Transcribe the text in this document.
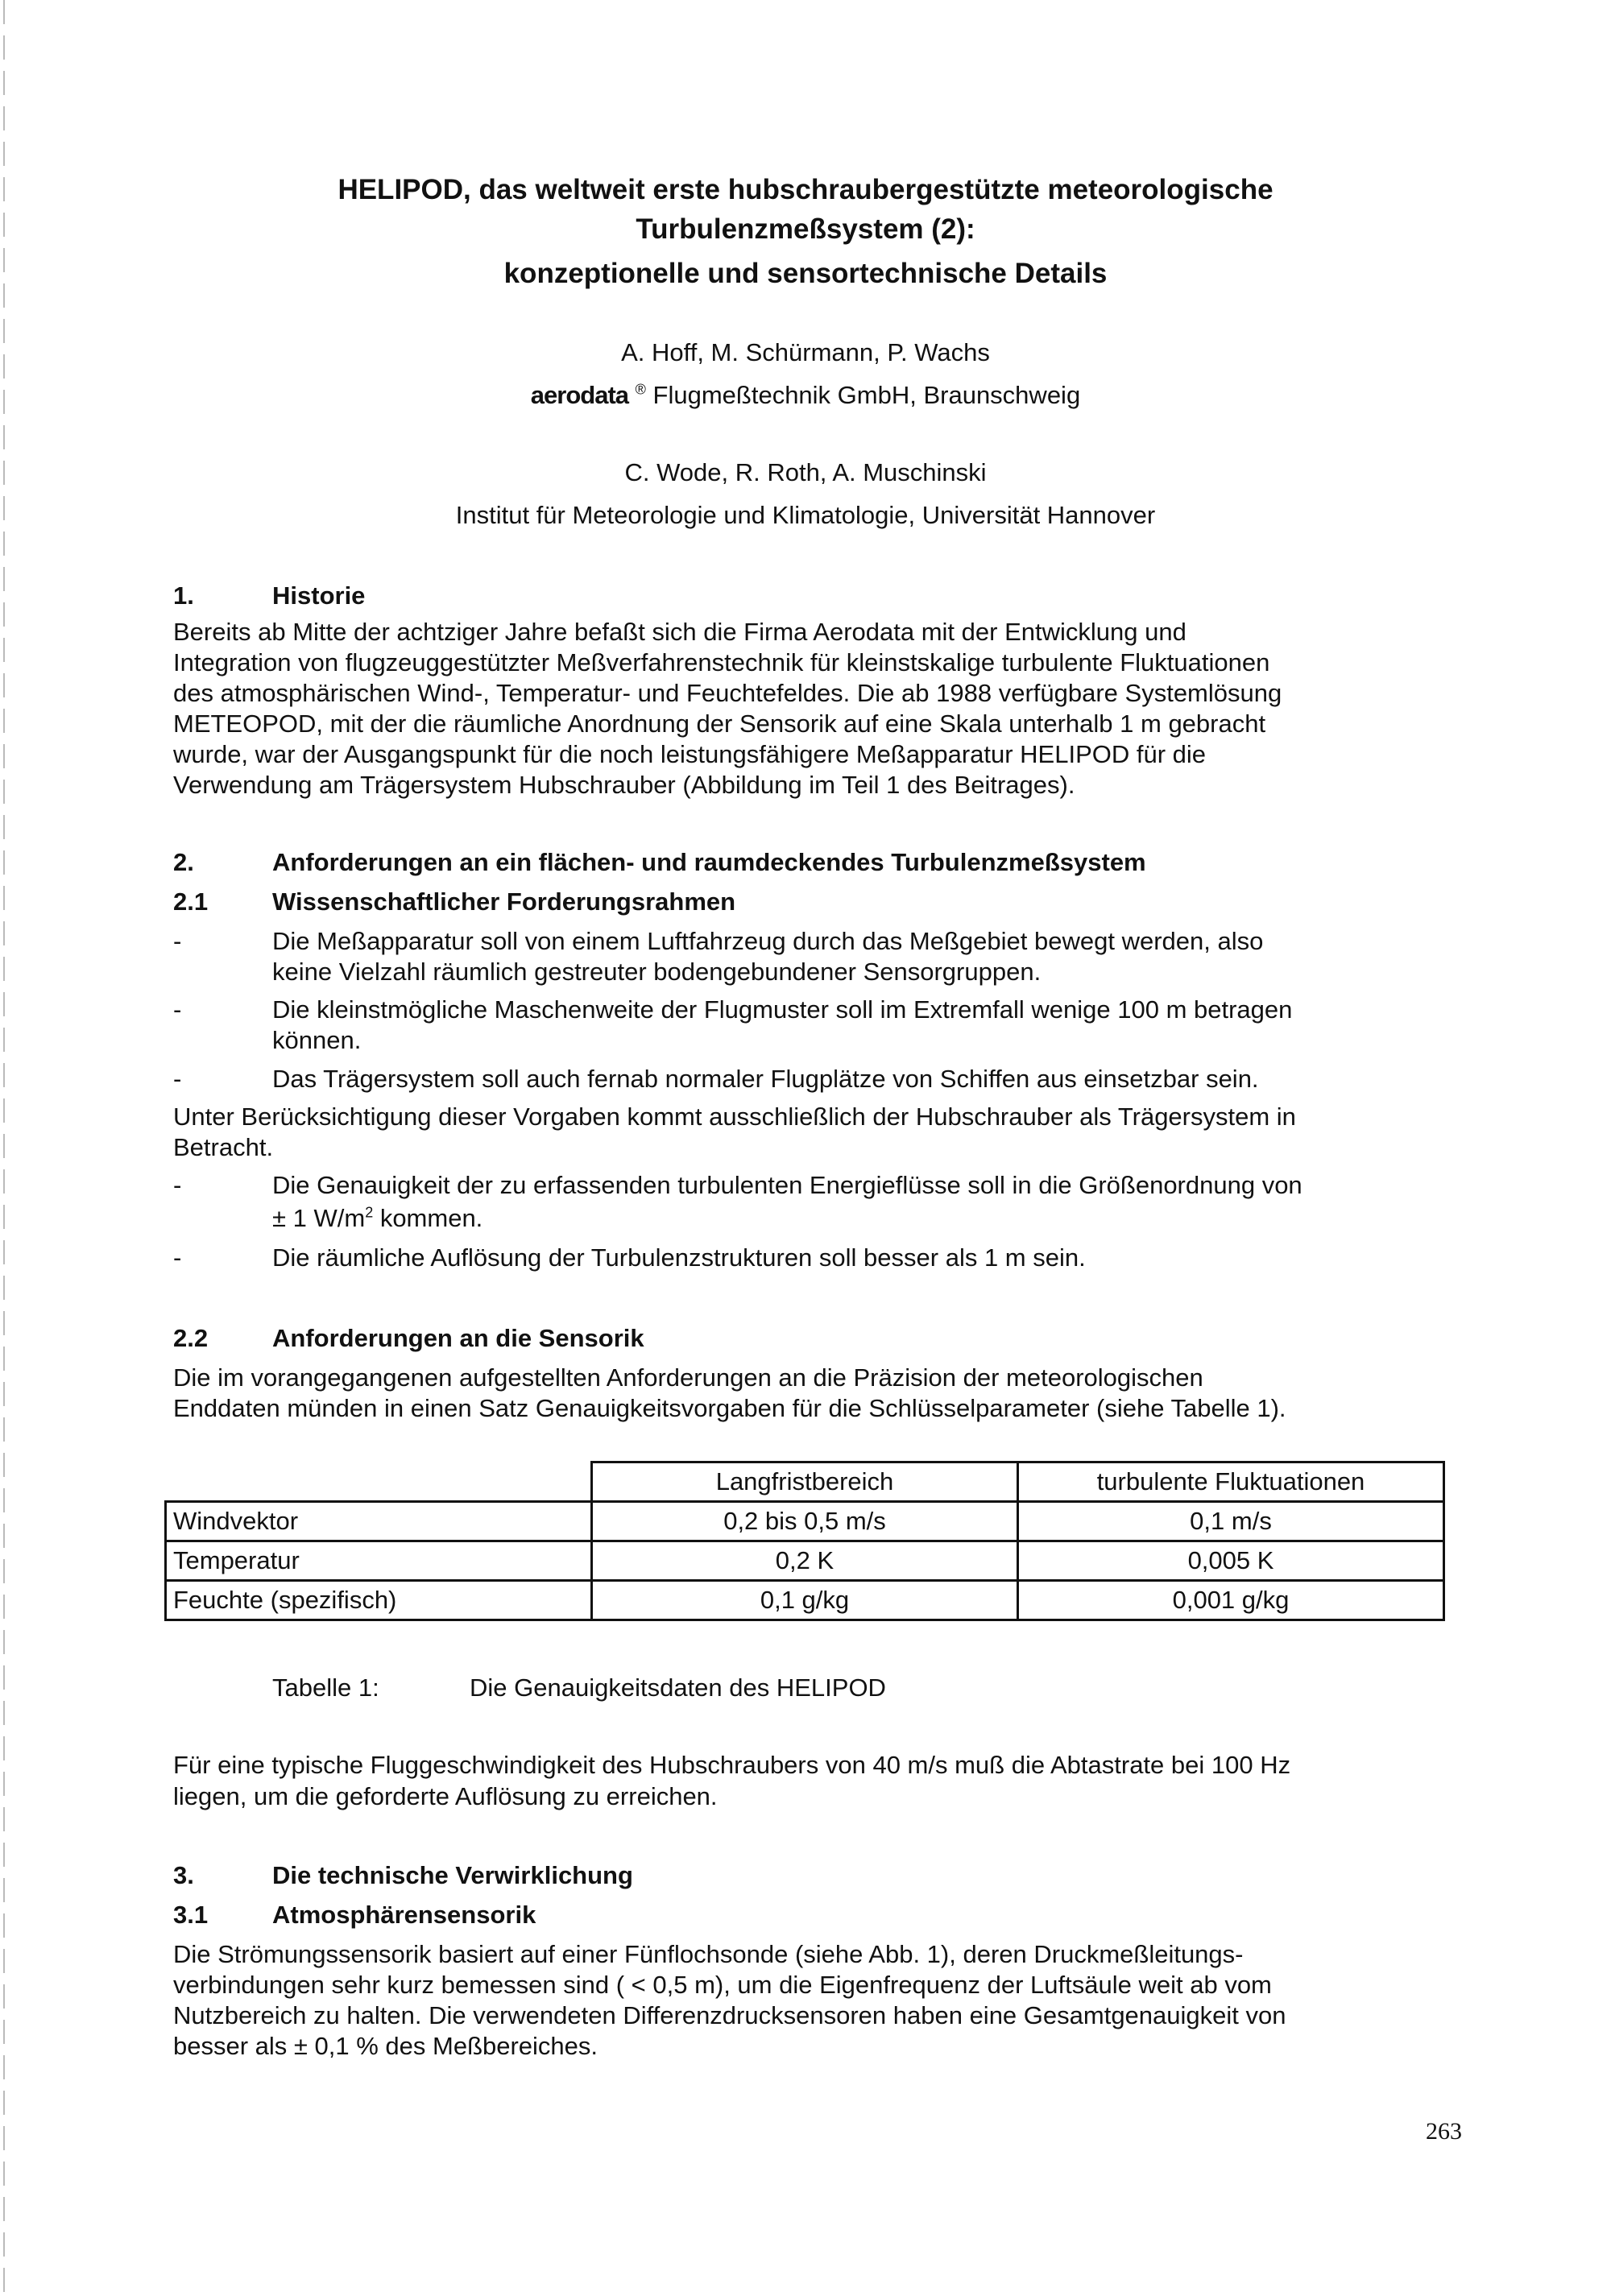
HELIPOD, das weltweit erste hubschraubergestützte meteorologische
Turbulenzmeßsystem (2):
konzeptionelle und sensortechnische Details
A. Hoff, M. Schürmann, P. Wachs
aerodata ® Flugmeßtechnik GmbH, Braunschweig
C. Wode, R. Roth, A. Muschinski
Institut für Meteorologie und Klimatologie, Universität Hannover
1.	Historie
Bereits ab Mitte der achtziger Jahre befaßt sich die Firma Aerodata mit der Entwicklung und
Integration von flugzeuggestützter Meßverfahrenstechnik für kleinstskalige turbulente Fluktuationen
des atmosphärischen Wind-, Temperatur- und Feuchtefeldes. Die ab 1988 verfügbare Systemlösung
METEOPOD, mit der die räumliche Anordnung der Sensorik auf eine Skala unterhalb 1 m gebracht
wurde, war der Ausgangspunkt für die noch leistungsfähigere Meßapparatur HELIPOD für die
Verwendung am Trägersystem Hubschrauber (Abbildung im Teil 1 des Beitrages).
2.	Anforderungen an ein flächen- und raumdeckendes Turbulenzmeßsystem
2.1	Wissenschaftlicher Forderungsrahmen
-	Die Meßapparatur soll von einem Luftfahrzeug durch das Meßgebiet bewegt werden, also
keine Vielzahl räumlich gestreuter bodengebundener Sensorgruppen.
-	Die kleinstmögliche Maschenweite der Flugmuster soll im Extremfall wenige 100 m betragen
können.
-	Das Trägersystem soll auch fernab normaler Flugplätze von Schiffen aus einsetzbar sein.
Unter Berücksichtigung dieser Vorgaben kommt ausschließlich der Hubschrauber als Trägersystem in
Betracht.
-	Die Genauigkeit der zu erfassenden turbulenten Energieflüsse soll in die Größenordnung von
± 1 $W/m^2$ kommen.
-	Die räumliche Auflösung der Turbulenzstrukturen soll besser als 1 m sein.
2.2	Anforderungen an die Sensorik
Die im vorangegangenen aufgestellten Anforderungen an die Präzision der meteorologischen
Enddaten münden in einen Satz Genauigkeitsvorgaben für die Schlüsselparameter (siehe Tabelle 1).
	Langfristbereich	turbulente Fluktuationen
Windvektor	0,2 bis 0,5 m/s	0,1 m/s
Temperatur	0,2 K	0,005 K
Feuchte (spezifisch)	0,1 g/kg	0,001 g/kg
Tabelle 1:	Die Genauigkeitsdaten des HELIPOD
Für eine typische Fluggeschwindigkeit des Hubschraubers von 40 m/s muß die Abtastrate bei 100 Hz
liegen, um die geforderte Auflösung zu erreichen.
3.	Die technische Verwirklichung
3.1	Atmosphärensensorik
Die Strömungssensorik basiert auf einer Fünflochsonde (siehe Abb. 1), deren Druckmeßleitungs-
verbindungen sehr kurz bemessen sind ( < 0,5 m), um die Eigenfrequenz der Luftsäule weit ab vom
Nutzbereich zu halten. Die verwendeten Differenzdrucksensoren haben eine Gesamtgenauigkeit von
besser als ± 0,1 % des Meßbereiches.
263
